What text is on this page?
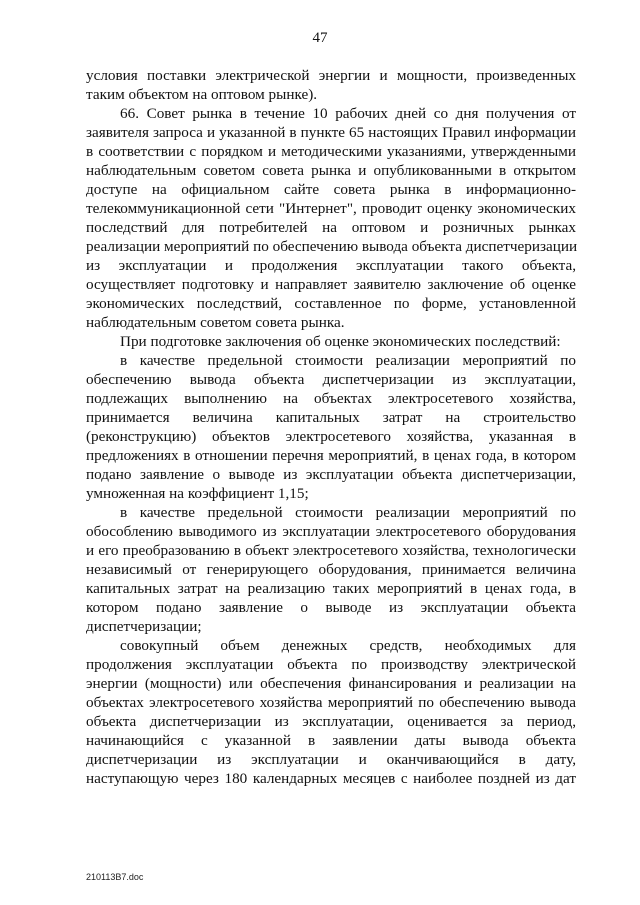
47
условия поставки электрической энергии и мощности, произведенных
таким объектом на оптовом рынке).
66. Совет рынка в течение 10 рабочих дней со дня получения от
заявителя запроса и указанной в пункте 65 настоящих Правил информации
в соответствии с порядком и методическими указаниями, утвержденными
наблюдательным советом совета рынка и опубликованными в открытом
доступе на официальном сайте совета рынка в информационно-
телекоммуникационной сети "Интернет", проводит оценку экономических
последствий для потребителей на оптовом и розничных рынках
реализации мероприятий по обеспечению вывода объекта диспетчеризации
из эксплуатации и продолжения эксплуатации такого объекта,
осуществляет подготовку и направляет заявителю заключение об оценке
экономических последствий, составленное по форме, установленной
наблюдательным советом совета рынка.
При подготовке заключения об оценке экономических последствий:
в качестве предельной стоимости реализации мероприятий по
обеспечению вывода объекта диспетчеризации из эксплуатации,
подлежащих выполнению на объектах электросетевого хозяйства,
принимается величина капитальных затрат на строительство
(реконструкцию) объектов электросетевого хозяйства, указанная в
предложениях в отношении перечня мероприятий, в ценах года, в котором
подано заявление о выводе из эксплуатации объекта диспетчеризации,
умноженная на коэффициент 1,15;
в качестве предельной стоимости реализации мероприятий по
обособлению выводимого из эксплуатации электросетевого оборудования
и его преобразованию в объект электросетевого хозяйства, технологически
независимый от генерирующего оборудования, принимается величина
капитальных затрат на реализацию таких мероприятий в ценах года, в
котором подано заявление о выводе из эксплуатации объекта
диспетчеризации;
совокупный объем денежных средств, необходимых для
продолжения эксплуатации объекта по производству электрической
энергии (мощности) или обеспечения финансирования и реализации на
объектах электросетевого хозяйства мероприятий по обеспечению вывода
объекта диспетчеризации из эксплуатации, оценивается за период,
начинающийся с указанной в заявлении даты вывода объекта
диспетчеризации из эксплуатации и оканчивающийся в дату,
наступающую через 180 календарных месяцев с наиболее поздней из дат
210113B7.doc
